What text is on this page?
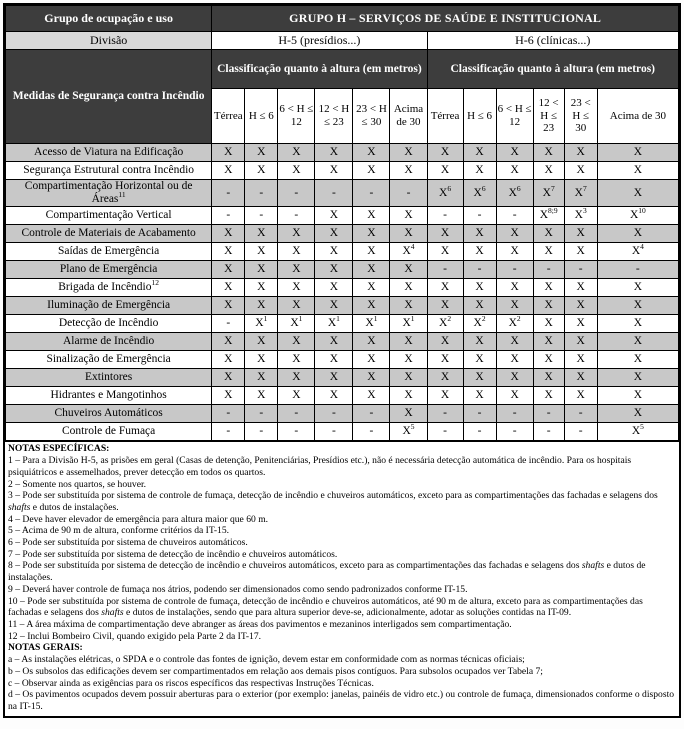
Grupo de ocupação e uso	GRUPO H – SERVIÇOS DE SAÚDE E INSTITUCIONAL											
Divisão	H-5 (presídios...)						H-6 (clínicas...)					
Medidas de Segurança contra Incêndio	Classificação quanto à altura (em metros)						Classificação quanto à altura (em metros)					
	Térrea	H ≤ 6	6 < H ≤ 12	12 < H ≤ 23	23 < H ≤ 30	Acima de 30	Térrea	H ≤ 6	6 < H ≤ 12	12 < H ≤ 23	23 < H ≤ 30	Acima de 30
Acesso de Viatura na Edificação	X	X	X	X	X	X	X	X	X	X	X	X
Segurança Estrutural contra Incêndio	X	X	X	X	X	X	X	X	X	X	X	X
Compartimentação Horizontal ou de Áreas$^{11}$	-	-	-	-	-	-	$X^6$	$X^6$	$X^6$	$X^7$	$X^7$	X
Compartimentação Vertical	-	-	-	X	X	X	-	-	-	$X^{8;9}$	$X^3$	$X^{10}$
Controle de Materiais de Acabamento	X	X	X	X	X	X	X	X	X	X	X	X
Saídas de Emergência	X	X	X	X	X	$X^4$	X	X	X	X	X	$X^4$
Plano de Emergência	X	X	X	X	X	X	-	-	-	-	-	-
Brigada de Incêndio$^{12}$	X	X	X	X	X	X	X	X	X	X	X	X
Iluminação de Emergência	X	X	X	X	X	X	X	X	X	X	X	X
Detecção de Incêndio	-	$X^1$	$X^1$	$X^1$	$X^1$	$X^1$	$X^2$	$X^2$	$X^2$	X	X	X
Alarme de Incêndio	X	X	X	X	X	X	X	X	X	X	X	X
Sinalização de Emergência	X	X	X	X	X	X	X	X	X	X	X	X
Extintores	X	X	X	X	X	X	X	X	X	X	X	X
Hidrantes e Mangotinhos	X	X	X	X	X	X	X	X	X	X	X	X
Chuveiros Automáticos	-	-	-	-	-	X	-	-	-	-	-	X
Controle de Fumaça	-	-	-	-	-	$X^5$	-	-	-	-	-	$X^5$
NOTAS ESPECÍFICAS:
1 – Para a Divisão H-5, as prisões em geral (Casas de detenção, Penitenciárias, Presídios etc.), não é necessária detecção automática de incêndio. Para os hospitais psiquiátricos e assemelhados, prever detecção em todos os quartos.
2 – Somente nos quartos, se houver.
3 – Pode ser substituída por sistema de controle de fumaça, detecção de incêndio e chuveiros automáticos, exceto para as compartimentações das fachadas e selagens dos shafts e dutos de instalações.
4 – Deve haver elevador de emergência para altura maior que 60 m.
5 – Acima de 90 m de altura, conforme critérios da IT-15.
6 – Pode ser substituída por sistema de chuveiros automáticos.
7 – Pode ser substituída por sistema de detecção de incêndio e chuveiros automáticos.
8 – Pode ser substituída por sistema de detecção de incêndio e chuveiros automáticos, exceto para as compartimentações das fachadas e selagens dos shafts e dutos de instalações.
9 – Deverá haver controle de fumaça nos átrios, podendo ser dimensionados como sendo padronizados conforme IT-15.
10 – Pode ser substituída por sistema de controle de fumaça, detecção de incêndio e chuveiros automáticos, até 90 m de altura, exceto para as compartimentações das fachadas e selagens dos shafts e dutos de instalações, sendo que para altura superior deve-se, adicionalmente, adotar as soluções contidas na IT-09.
11 – A área máxima de compartimentação deve abranger as áreas dos pavimentos e mezaninos interligados sem compartimentação.
12 – Inclui Bombeiro Civil, quando exigido pela Parte 2 da IT-17.
NOTAS GERAIS:
a – As instalações elétricas, o SPDA e o controle das fontes de ignição, devem estar em conformidade com as normas técnicas oficiais;
b – Os subsolos das edificações devem ser compartimentados em relação aos demais pisos contíguos. Para subsolos ocupados ver Tabela 7;
c – Observar ainda as exigências para os riscos específicos das respectivas Instruções Técnicas.
d – Os pavimentos ocupados devem possuir aberturas para o exterior (por exemplo: janelas, painéis de vidro etc.) ou controle de fumaça, dimensionados conforme o disposto na IT-15.
